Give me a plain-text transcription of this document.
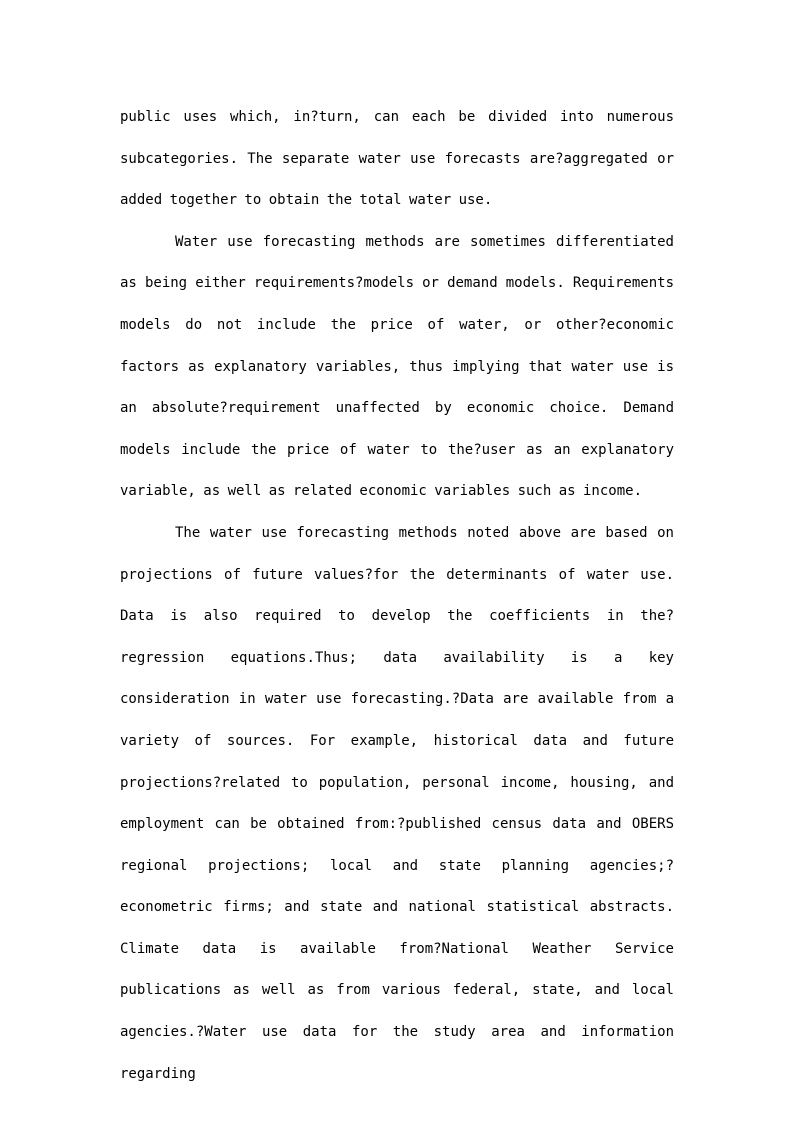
public uses which, in?turn, can each be divided into numerous subcategories. The separate water use forecasts are?aggregated or added together to obtain the total water use.

Water use forecasting methods are sometimes differentiated as being either requirements?models or demand models. Requirements models do not include the price of water, or other?economic factors as explanatory variables, thus implying that water use is an absolute?requirement unaffected by economic choice. Demand models include the price of water to the?user as an explanatory variable, as well as related economic variables such as income.

The water use forecasting methods noted above are based on projections of future values?for the determinants of water use. Data is also required to develop the coefficients in the?regression equations.Thus; data availability is a key consideration in water use forecasting.?Data are available from a variety of sources. For example, historical data and future projections?related to population, personal income, housing, and employment can be obtained from:?published census data and OBERS regional projections; local and state planning agencies;?econometric firms; and state and national statistical abstracts. Climate data is available from?National Weather Service publications as well as from various federal, state, and local agencies.?Water use data for the study area and information regarding
